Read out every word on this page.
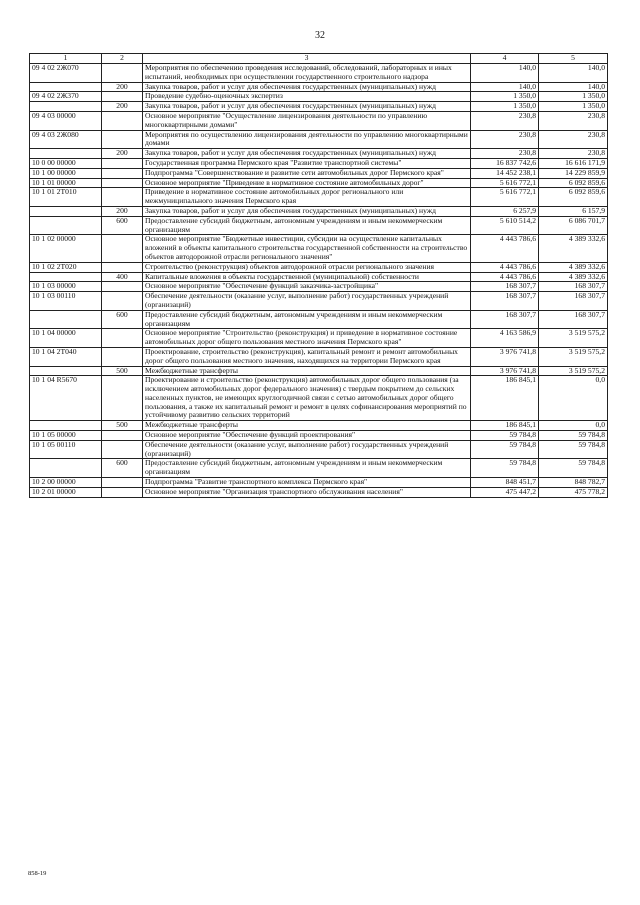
32
1	2	3	4	5
09 4 02 2Ж070		Мероприятия по обеспечению проведения исследований, обследований, лабораторных и иных испытаний, необходимых при осуществлении государственного строительного надзора	140,0	140,0
	200	Закупка товаров, работ и услуг для обеспечения государственных (муниципальных) нужд	140,0	140,0
09 4 02 2Ж370		Проведение судебно-оценочных экспертиз	1 350,0	1 350,0
	200	Закупка товаров, работ и услуг для обеспечения государственных (муниципальных) нужд	1 350,0	1 350,0
09 4 03 00000		Основное мероприятие "Осуществление лицензирования деятельности по управлению многоквартирными домами"	230,8	230,8
09 4 03 2Ж080		Мероприятия по осуществлению лицензирования деятельности по управлению многоквартирными домами	230,8	230,8
	200	Закупка товаров, работ и услуг для обеспечения государственных (муниципальных) нужд	230,8	230,8
10 0 00 00000		Государственная программа Пермского края "Развитие транспортной системы"	16 837 742,6	16 616 171,9
10 1 00 00000		Подпрограмма "Совершенствование и развитие сети автомобильных дорог Пермского края"	14 452 238,1	14 229 859,9
10 1 01 00000		Основное мероприятие "Приведение в нормативное состояние автомобильных дорог"	5 616 772,1	6 092 859,6
10 1 01 2Т010		Приведение в нормативное состояние автомобильных дорог регионального или межмуниципального значения Пермского края	5 616 772,1	6 092 859,6
	200	Закупка товаров, работ и услуг для обеспечения государственных (муниципальных) нужд	6 257,9	6 157,9
	600	Предоставление субсидий бюджетным, автономным учреждениям и иным некоммерческим организациям	5 610 514,2	6 086 701,7
10 1 02 00000		Основное мероприятие "Бюджетные инвестиции, субсидии на осуществление капитальных вложений в объекты капитального строительства государственной собственности на строительство объектов автодорожной отрасли регионального значения"	4 443 786,6	4 389 332,6
10 1 02 2Т020		Строительство (реконструкция) объектов автодорожной отрасли регионального значения	4 443 786,6	4 389 332,6
	400	Капитальные вложения в объекты государственной (муниципальной) собственности	4 443 786,6	4 389 332,6
10 1 03 00000		Основное мероприятие "Обеспечение функций заказчика-застройщика"	168 307,7	168 307,7
10 1 03 00110		Обеспечение деятельности (оказание услуг, выполнение работ) государственных учреждений (организаций)	168 307,7	168 307,7
	600	Предоставление субсидий бюджетным, автономным учреждениям и иным некоммерческим организациям	168 307,7	168 307,7
10 1 04 00000		Основное мероприятие "Строительство (реконструкция) и приведение в нормативное состояние автомобильных дорог общего пользования местного значения Пермского края"	4 163 586,9	3 519 575,2
10 1 04 2Т040		Проектирование, строительство (реконструкция), капитальный ремонт и ремонт автомобильных дорог общего пользования местного значения, находящихся на территории Пермского края	3 976 741,8	3 519 575,2
	500	Межбюджетные трансферты	3 976 741,8	3 519 575,2
10 1 04 R5670		Проектирование и строительство (реконструкция) автомобильных дорог общего пользования (за исключением автомобильных дорог федерального значения) с твердым покрытием до сельских населенных пунктов, не имеющих круглогодичной связи с сетью автомобильных дорог общего пользования, а также их капитальный ремонт и ремонт в целях софинансирования мероприятий по устойчивому развитию сельских территорий	186 845,1	0,0
	500	Межбюджетные трансферты	186 845,1	0,0
10 1 05 00000		Основное мероприятие "Обеспечение функций проектирования"	59 784,8	59 784,8
10 1 05 00110		Обеспечение деятельности (оказание услуг, выполнение работ) государственных учреждений (организаций)	59 784,8	59 784,8
	600	Предоставление субсидий бюджетным, автономным учреждениям и иным некоммерческим организациям	59 784,8	59 784,8
10 2 00 00000		Подпрограмма "Развитие транспортного комплекса Пермского края"	848 451,7	848 782,7
10 2 01 00000		Основное мероприятие "Организация транспортного обслуживания населения"	475 447,2	475 778,2
858-19
